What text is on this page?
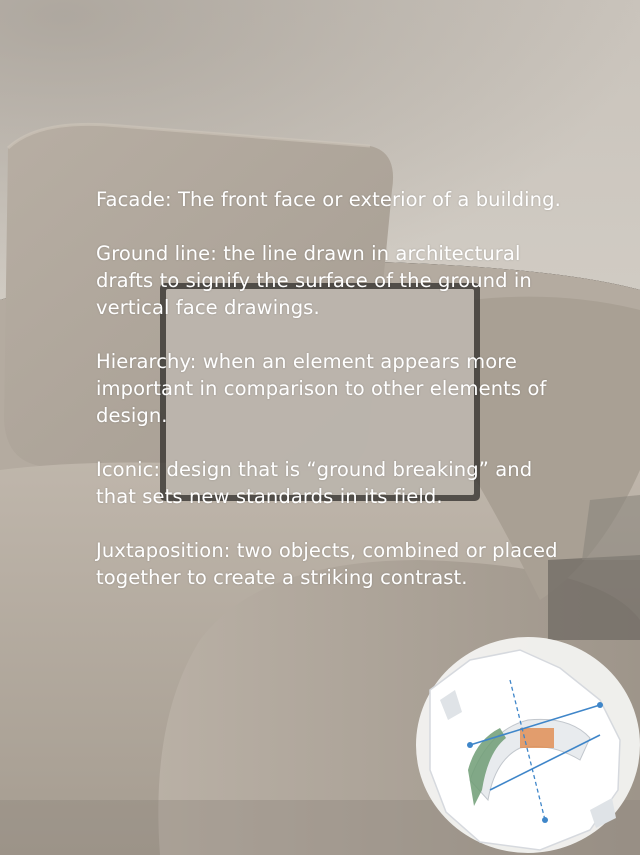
Facade: The front face or exterior of a building.

Ground line: the line drawn in architectural drafts to signify the surface of the ground in vertical face drawings.

Hierarchy: when an element appears more important in comparison to other elements of design.

Iconic: design that is “ground breaking” and that sets new standards in its field.

Juxtaposition: two objects, combined or placed together to create a striking contrast.
